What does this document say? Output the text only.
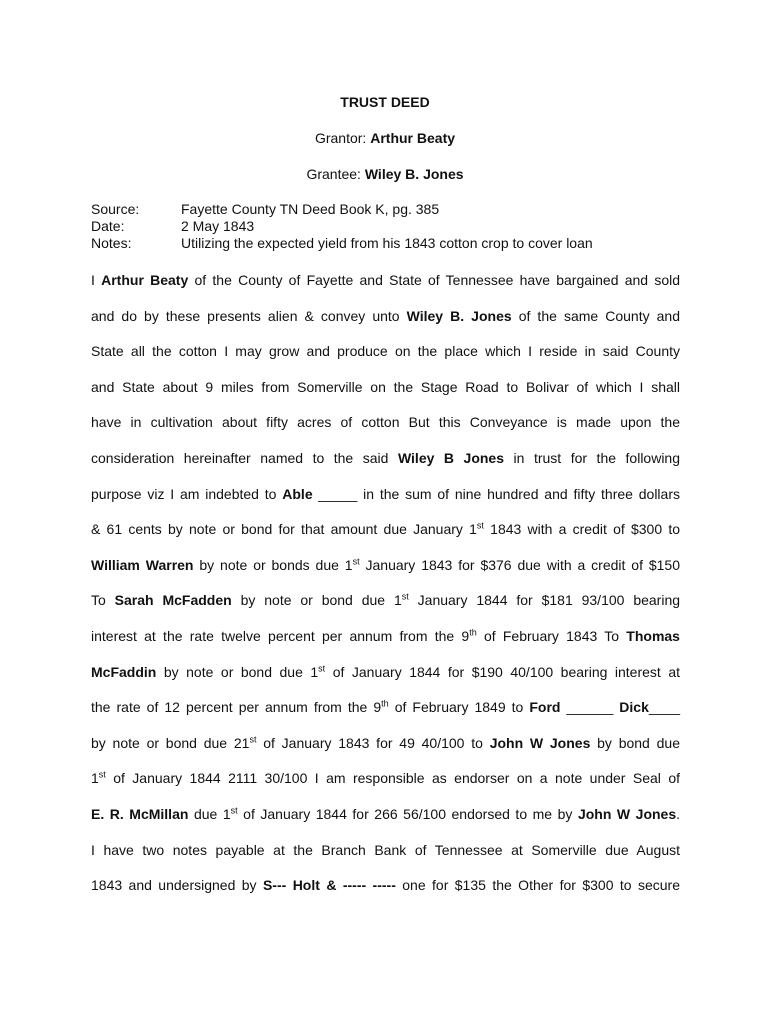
TRUST DEED
Grantor: Arthur Beaty
Grantee: Wiley B. Jones
Source:	Fayette County TN Deed Book K, pg. 385
Date:	2 May 1843
Notes:	Utilizing the expected yield from his 1843 cotton crop to cover loan
I Arthur Beaty of the County of Fayette and State of Tennessee have bargained and sold
and do by these presents alien & convey unto Wiley B. Jones of the same County and
State all the cotton I may grow and produce on the place which I reside in said County
and State about 9 miles from Somerville on the Stage Road to Bolivar of which I shall
have in cultivation about fifty acres of cotton But this Conveyance is made upon the
consideration hereinafter named to the said Wiley B Jones in trust for the following
purpose viz I am indebted to Able _____ in the sum of nine hundred and fifty three dollars
& 61 cents by note or bond for that amount due January 1st 1843 with a credit of $300 to
William Warren by note or bonds due 1st January 1843 for $376 due with a credit of $150
To Sarah McFadden by note or bond due 1st January 1844 for $181 93/100 bearing
interest at the rate twelve percent per annum from the 9th of February 1843 To Thomas
McFaddin by note or bond due 1st of January 1844 for $190 40/100 bearing interest at
the rate of 12 percent per annum from the 9th of February 1849 to Ford ______ Dick____
by note or bond due 21st of January 1843 for 49 40/100 to John W Jones by bond due
1st of January 1844 2111 30/100 I am responsible as endorser on a note under Seal of
E. R. McMillan due 1st of January 1844 for 266 56/100 endorsed to me by John W Jones.
I have two notes payable at the Branch Bank of Tennessee at Somerville due August
1843 and undersigned by S--- Holt & ----- ----- one for $135 the Other for $300 to secure
